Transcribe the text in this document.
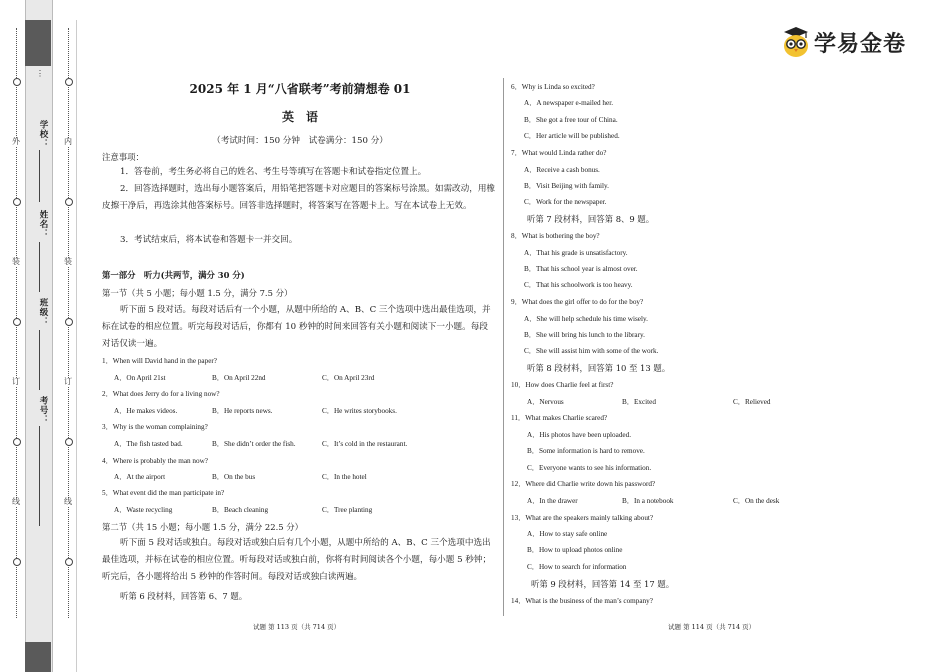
外
装
订
线
内
装
订
线
⋮
学校：
姓名：
班级：
考号：
学易金卷
2025 年 1 月“八省联考”考前猜想卷 01
英　语
（考试时间：150 分钟　试卷满分：150 分）
注意事项：
1．答卷前，考生务必将自己的姓名、考生号等填写在答题卡和试卷指定位置上。
2．回答选择题时，选出每小题答案后，用铅笔把答题卡对应题目的答案标号涂黑。如需改动，用橡皮擦干净后，再选涂其他答案标号。回答非选择题时，将答案写在答题卡上。写在本试卷上无效。
3．考试结束后，将本试卷和答题卡一并交回。
第一部分　听力(共两节，满分 30 分)
第一节（共 5 小题；每小题 1.5 分，满分 7.5 分）
听下面 5 段对话。每段对话后有一个小题，从题中所给的 A、B、C 三个选项中选出最佳选项，并标在试卷的相应位置。听完每段对话后，你都有 10 秒钟的时间来回答有关小题和阅读下一小题。每段对话仅读一遍。
1．When will David hand in the paper?
A．On April 21st	B．On April 22nd	C．On April 23rd
2．What does Jerry do for a living now?
A．He makes videos.	B．He reports news.	C．He writes storybooks.
3．Why is the woman complaining?
A．The fish tasted bad.	B．She didn’t order the fish.	C．It’s cold in the restaurant.
4．Where is probably the man now?
A．At the airport	B．On the bus	C．In the hotel
5．What event did the man participate in?
A．Waste recycling	B．Beach cleaning	C．Tree planting
第二节（共 15 小题；每小题 1.5 分，满分 22.5 分）
听下面 5 段对话或独白。每段对话或独白后有几个小题，从题中所给的 A、B、C 三个选项中选出最佳选项，并标在试卷的相应位置。听每段对话或独白前，你将有时间阅读各个小题，每小题 5 秒钟；听完后，各小题将给出 5 秒钟的作答时间。每段对话或独白读两遍。
听第 6 段材料，回答第 6、7 题。
6．Why is Linda so excited?
A．A newspaper e-mailed her.
B．She got a free tour of China.
C．Her article will be published.
7．What would Linda rather do?
A．Receive a cash bonus.
B．Visit Beijing with family.
C．Work for the newspaper.
听第 7 段材料，回答第 8、9 题。
8．What is bothering the boy?
A．That his grade is unsatisfactory.
B．That his school year is almost over.
C．That his schoolwork is too heavy.
9．What does the girl offer to do for the boy?
A．She will help schedule his time wisely.
B．She will bring his lunch to the library.
C．She will assist him with some of the work.
听第 8 段材料，回答第 10 至 13 题。
10．How does Charlie feel at first?
A．Nervous	B．Excited	C．Relieved
11．What makes Charlie scared?
A．His photos have been uploaded.
B．Some information is hard to remove.
C．Everyone wants to see his information.
12．Where did Charlie write down his password?
A．In the drawer	B．In a notebook	C．On the desk
13．What are the speakers mainly talking about?
A．How to stay safe online
B．How to upload photos online
C．How to search for information
听第 9 段材料，回答第 14 至 17 题。
14．What is the business of the man’s company?
试题 第 113 页（共 714 页）	试题 第 114 页（共 714 页）
